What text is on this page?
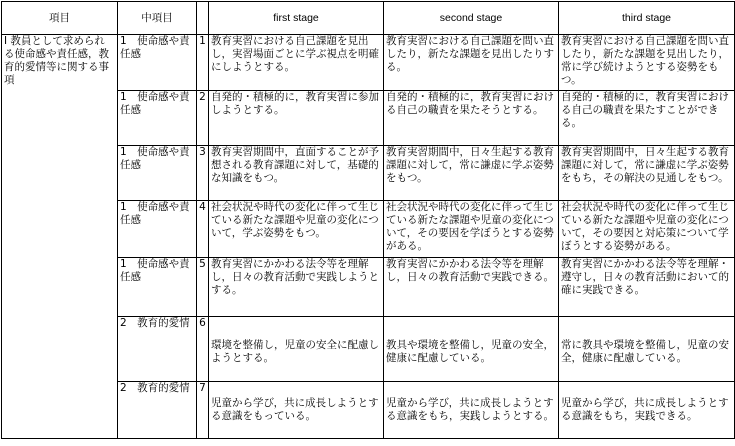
項目	中項目		first stage	second stage	third stage
Ⅰ 教員として求められる使命感や責任感，教育的愛情等に関する事項	1　使命感や責任感	1	教育実習における自己課題を見出し，実習場面ごとに学ぶ視点を明確にしようとする。	教育実習における自己課題を問い直したり，新たな課題を見出したりする。	教育実習における自己課題を問い直したり，新たな課題を見出したり，常に学び続けようとする姿勢をもつ。
	1　使命感や責任感	2	自発的・積極的に，教育実習に参加しようとする。	自発的・積極的に，教育実習における自己の職責を果たそうとする。	自発的・積極的に，教育実習における自己の職責を果たすことができる。
	1　使命感や責任感	3	教育実習期間中，直面することが予想される教育課題に対して，基礎的な知識をもつ。	教育実習期間中，日々生起する教育課題に対して，常に謙虚に学ぶ姿勢をもつ。	教育実習期間中，日々生起する教育課題に対して，常に謙虚に学ぶ姿勢をもち，その解決の見通しをもつ。
	1　使命感や責任感	4	社会状況や時代の変化に伴って生じている新たな課題や児童の変化について，学ぶ姿勢をもつ。	社会状況や時代の変化に伴って生じている新たな課題や児童の変化について，その要因を学ぼうとする姿勢がある。	社会状況や時代の変化に伴って生じている新たな課題や児童の変化について，その要因と対応策について学ぼうとする姿勢がある。
	1　使命感や責任感	5	教育実習にかかわる法令等を理解し，日々の教育活動で実践しようとする。	教育実習にかかわる法令等を理解し，日々の教育活動で実践できる。	教育実習にかかわる法令等を理解・遵守し，日々の教育活動において的確に実践できる。
	2　教育的愛情	6	環境を整備し，児童の安全に配慮しようとする。	教具や環境を整備し，児童の安全，健康に配慮している。	常に教具や環境を整備し，児童の安全，健康に配慮している。
	2　教育的愛情	7	児童から学び，共に成長しようとする意識をもっている。	児童から学び，共に成長しようとする意識をもち，実践しようとする。	児童から学び，共に成長しようとする意識をもち，実践できる。
